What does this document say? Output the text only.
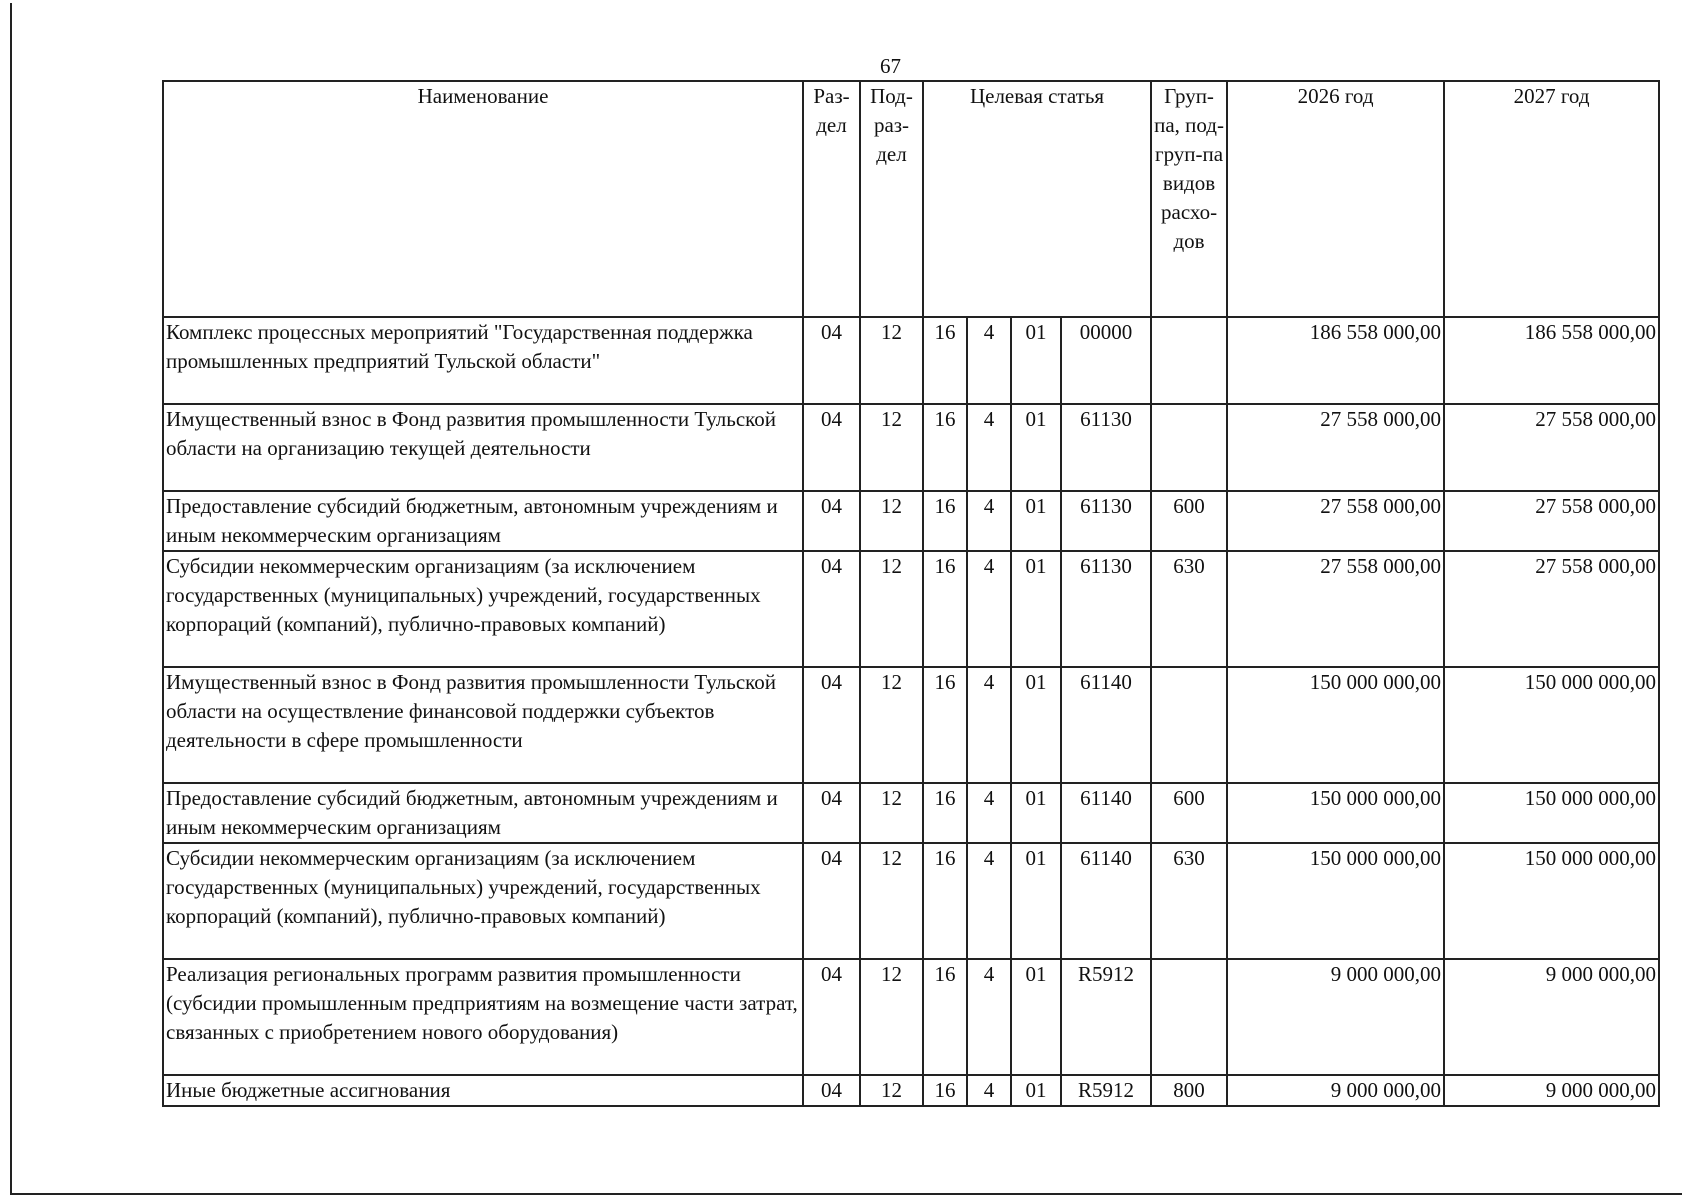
67
Наименование	Раз-дел	Под-раз-дел	Целевая статья				Груп-па, под-груп-па видов расхо-дов	2026 год	2027 год
Комплекс процессных мероприятий "Государственная поддержка промышленных предприятий Тульской области"	04	12	16	4	01	00000		186 558 000,00	186 558 000,00
Имущественный взнос в Фонд развития промышленности Тульской области на организацию текущей деятельности	04	12	16	4	01	61130		27 558 000,00	27 558 000,00
Предоставление субсидий бюджетным, автономным учреждениям и иным некоммерческим организациям	04	12	16	4	01	61130	600	27 558 000,00	27 558 000,00
Субсидии некоммерческим организациям (за исключением государственных (муниципальных) учреждений, государственных корпораций (компаний), публично-правовых компаний)	04	12	16	4	01	61130	630	27 558 000,00	27 558 000,00
Имущественный взнос в Фонд развития промышленности Тульской области на осуществление финансовой поддержки субъектов деятельности в сфере промышленности	04	12	16	4	01	61140		150 000 000,00	150 000 000,00
Предоставление субсидий бюджетным, автономным учреждениям и иным некоммерческим организациям	04	12	16	4	01	61140	600	150 000 000,00	150 000 000,00
Субсидии некоммерческим организациям (за исключением государственных (муниципальных) учреждений, государственных корпораций (компаний), публично-правовых компаний)	04	12	16	4	01	61140	630	150 000 000,00	150 000 000,00
Реализация региональных программ развития промышленности (субсидии промышленным предприятиям на возмещение части затрат, связанных с приобретением нового оборудования)	04	12	16	4	01	R5912		9 000 000,00	9 000 000,00
Иные бюджетные ассигнования	04	12	16	4	01	R5912	800	9 000 000,00	9 000 000,00
